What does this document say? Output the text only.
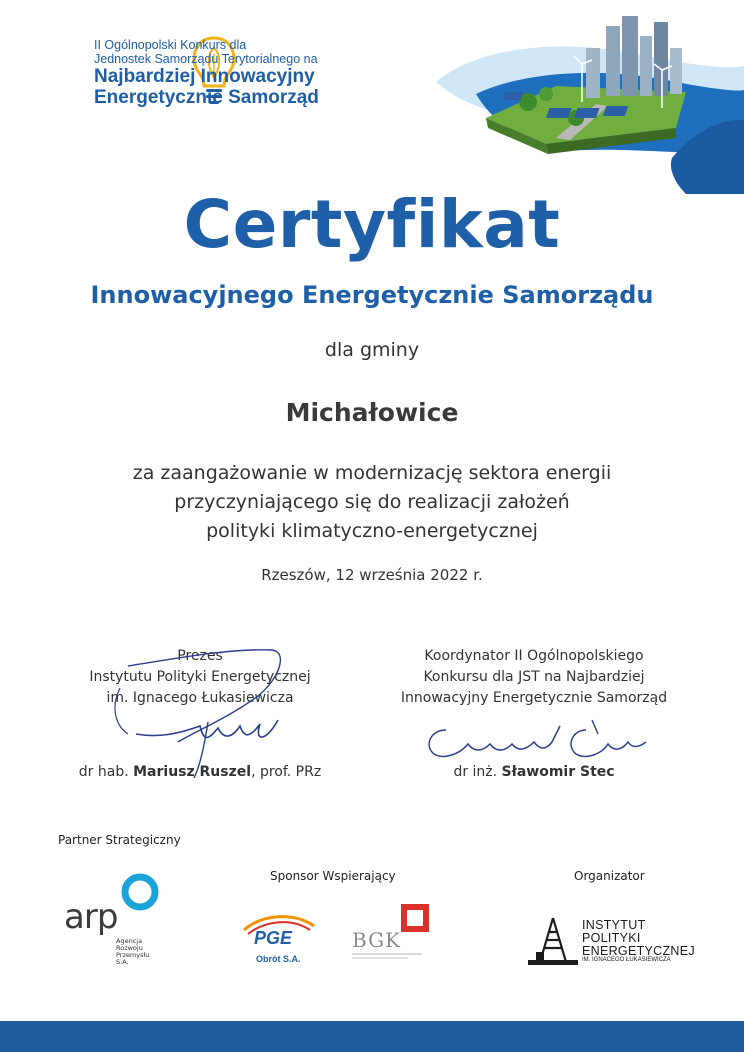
II Ogólnopolski Konkurs dla
Jednostek Samorządu Terytorialnego na
Najbardziej Innowacyjny
Energetycznie Samorząd
Certyfikat
Innowacyjnego Energetycznie Samorządu
dla gminy
Michałowice
za zaangażowanie w modernizację sektora energii
przyczyniającego się do realizacji założeń
polityki klimatyczno-energetycznej
Rzeszów, 12 września 2022 r.
Prezes
Instytutu Polityki Energetycznej
im. Ignacego Łukasiewicza
dr hab. Mariusz Ruszel, prof. PRz
Koordynator II Ogólnopolskiego
Konkursu dla JST na Najbardziej
Innowacyjny Energetycznie Samorząd
dr inż. Sławomir Stec
Partner Strategiczny
Sponsor Wspierający	Organizator
arp
Agencja
Rozwoju
Przemysłu
S.A.
PGE
Obrót S.A.
BGK
INSTYTUT
POLITYKI
ENERGETYCZNEJ
IM. IGNACEGO ŁUKASIEWICZA
